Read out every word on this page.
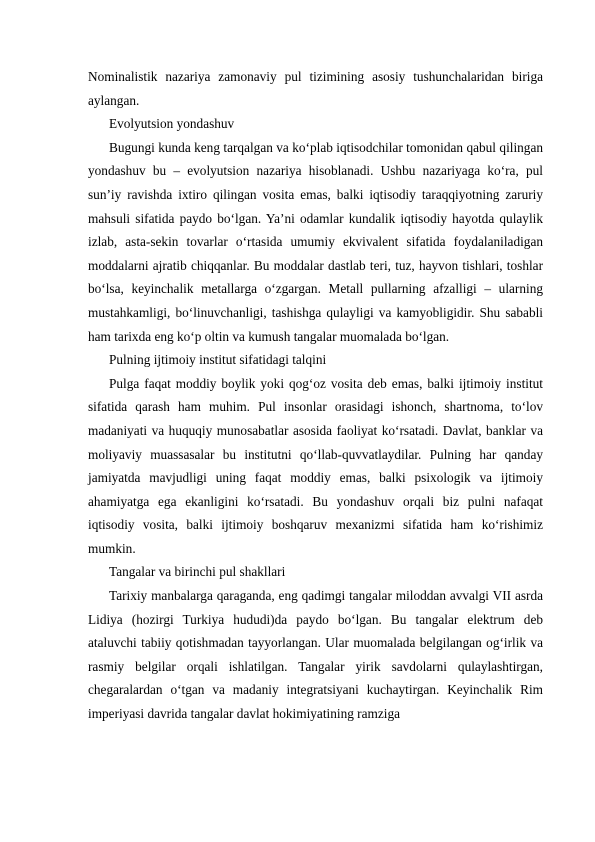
Nominalistik nazariya zamonaviy pul tizimining asosiy tushunchalaridan biriga aylangan.

Evolyutsion yondashuv

Bugungi kunda keng tarqalgan va ko‘plab iqtisodchilar tomonidan qabul qilingan yondashuv bu – evolyutsion nazariya hisoblanadi. Ushbu nazariyaga ko‘ra, pul sun’iy ravishda ixtiro qilingan vosita emas, balki iqtisodiy taraqqiyotning zaruriy mahsuli sifatida paydo bo‘lgan. Ya’ni odamlar kundalik iqtisodiy hayotda qulaylik izlab, asta-sekin tovarlar o‘rtasida umumiy ekvivalent sifatida foydalaniladigan moddalarni ajratib chiqqanlar. Bu moddalar dastlab teri, tuz, hayvon tishlari, toshlar bo‘lsa, keyinchalik metallarga o‘zgargan. Metall pullarning afzalligi – ularning mustahkamligi, bo‘linuvchanligi, tashishga qulayligi va kamyobligidir. Shu sababli ham tarixda eng ko‘p oltin va kumush tangalar muomalada bo‘lgan.

Pulning ijtimoiy institut sifatidagi talqini

Pulga faqat moddiy boylik yoki qog‘oz vosita deb emas, balki ijtimoiy institut sifatida qarash ham muhim. Pul insonlar orasidagi ishonch, shartnoma, to‘lov madaniyati va huquqiy munosabatlar asosida faoliyat ko‘rsatadi. Davlat, banklar va moliyaviy muassasalar bu institutni qo‘llab-quvvatlaydilar. Pulning har qanday jamiyatda mavjudligi uning faqat moddiy emas, balki psixologik va ijtimoiy ahamiyatga ega ekanligini ko‘rsatadi. Bu yondashuv orqali biz pulni nafaqat iqtisodiy vosita, balki ijtimoiy boshqaruv mexanizmi sifatida ham ko‘rishimiz mumkin.

Tangalar va birinchi pul shakllari

Tarixiy manbalarga qaraganda, eng qadimgi tangalar miloddan avvalgi VII asrda Lidiya (hozirgi Turkiya hududi)da paydo bo‘lgan. Bu tangalar elektrum deb ataluvchi tabiiy qotishmadan tayyorlangan. Ular muomalada belgilangan og‘irlik va rasmiy belgilar orqali ishlatilgan. Tangalar yirik savdolarni qulaylashtirgan, chegaralardan o‘tgan va madaniy integratsiyani kuchaytirgan. Keyinchalik Rim imperiyasi davrida tangalar davlat hokimiyatining ramziga
